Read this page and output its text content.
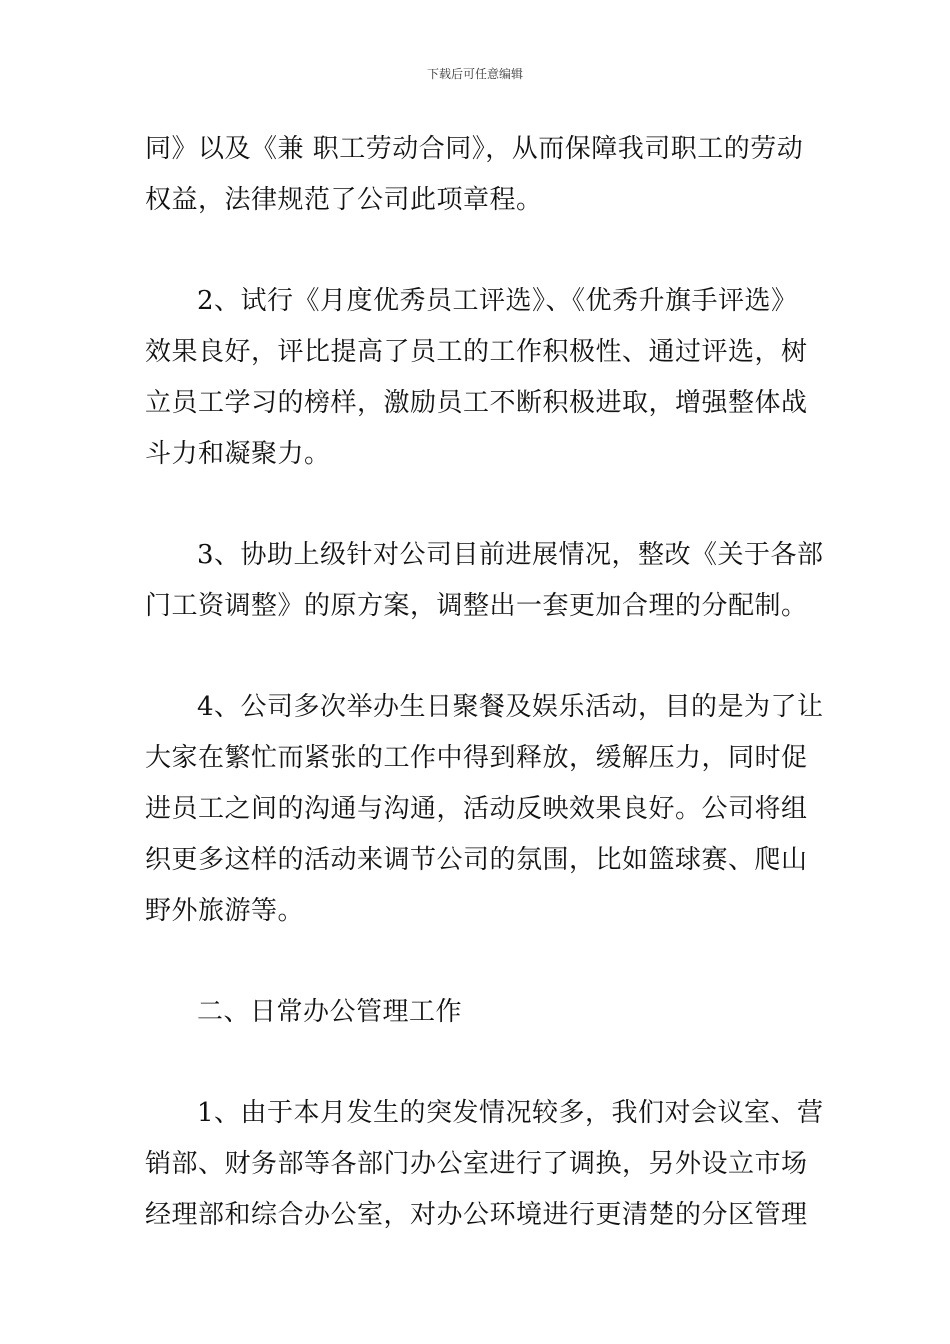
下载后可任意编辑
同》以及《兼 职工劳动合同》，从而保障我司职工的劳动
权益，法律规范了公司此项章程。
2、试行《月度优秀员工评选》、《优秀升旗手评选》
效果良好，评比提高了员工的工作积极性、通过评选，树
立员工学习的榜样，激励员工不断积极进取，增强整体战
斗力和凝聚力。
3、协助上级针对公司目前进展情况，整改《关于各部
门工资调整》的原方案，调整出一套更加合理的分配制。
4、公司多次举办生日聚餐及娱乐活动，目的是为了让
大家在繁忙而紧张的工作中得到释放，缓解压力，同时促
进员工之间的沟通与沟通，活动反映效果良好。公司将组
织更多这样的活动来调节公司的氛围，比如篮球赛、爬山
野外旅游等。
二、日常办公管理工作
1、由于本月发生的突发情况较多，我们对会议室、营
销部、财务部等各部门办公室进行了调换，另外设立市场
经理部和综合办公室，对办公环境进行更清楚的分区管理
